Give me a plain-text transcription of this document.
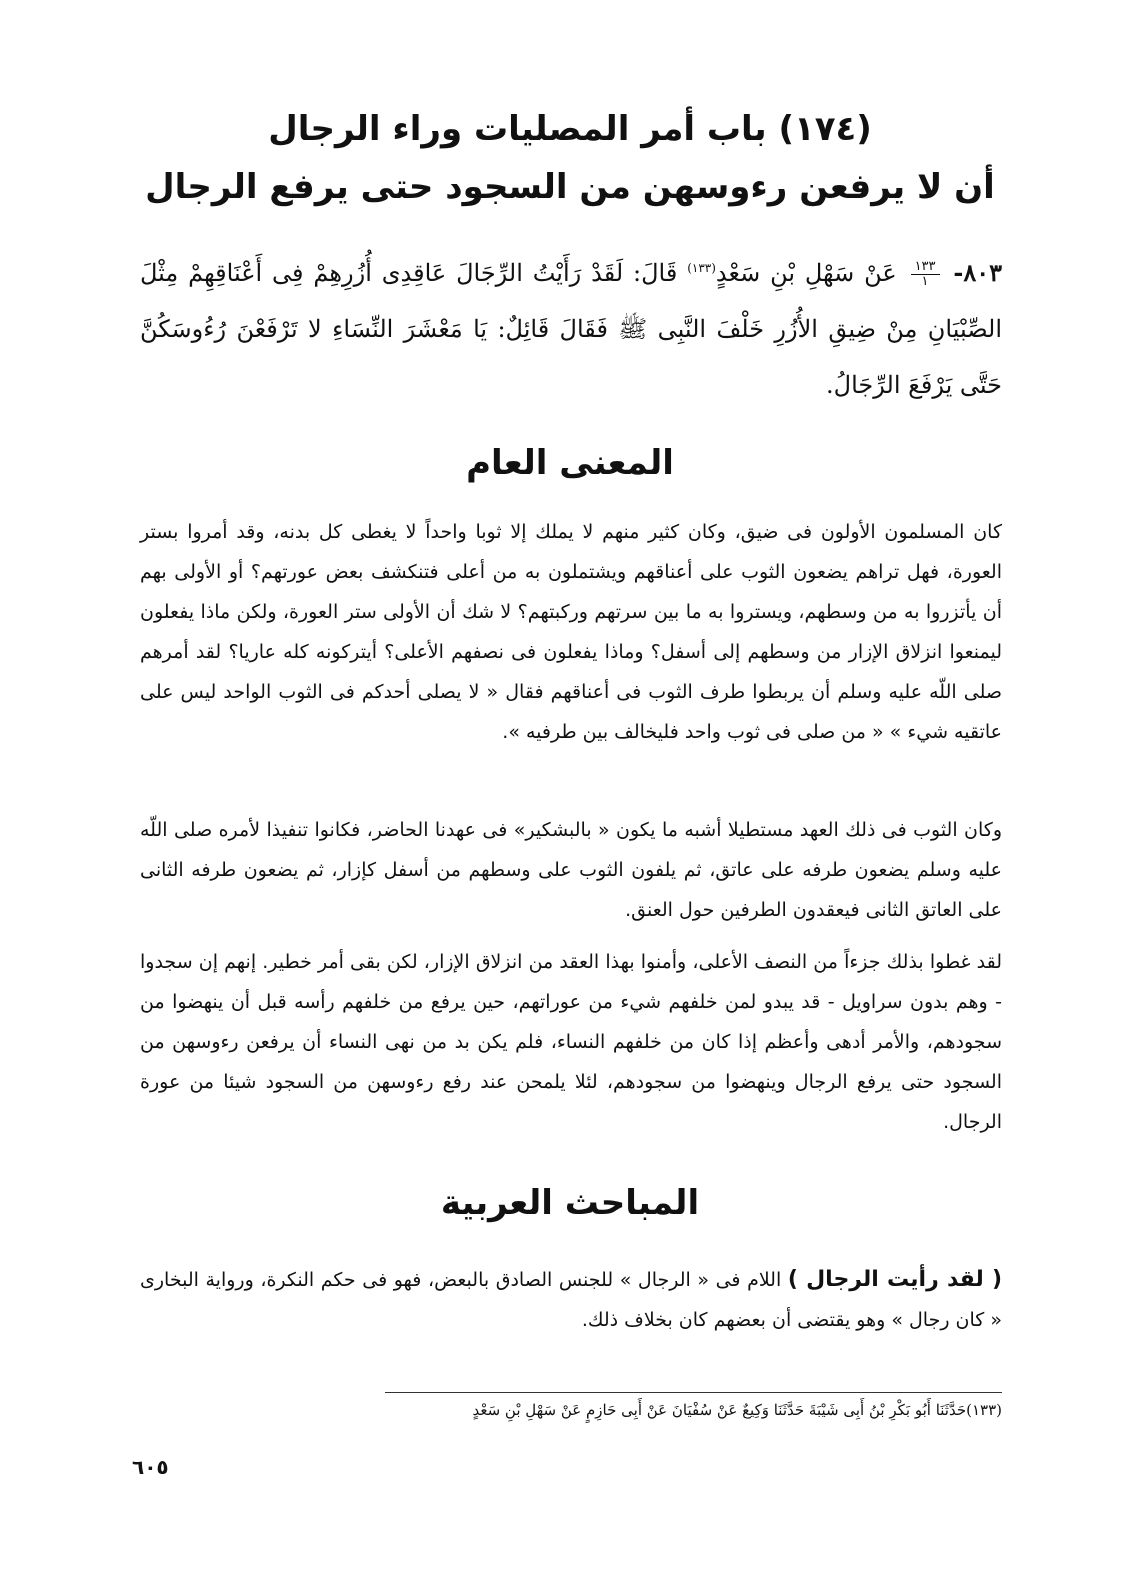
(١٧٤) باب أمر المصليات وراء الرجال
أن لا يرفعن رءوسهن من السجود حتى يرفع الرجال
٨٠٣-
$\frac{١٣٣}{١}$
عَنْ سَهْلِ بْنِ سَعْدٍ$^{(١٣٣)}$ قَالَ: لَقَدْ رَأَيْتُ الرِّجَالَ عَاقِدِى أُزُرِهِمْ فِى أَعْنَاقِهِمْ مِثْلَ الصِّبْيَانِ مِنْ ضِيقِ الأُزُرِ خَلْفَ النَّبِى ﷺ فَقَالَ قَائِلٌ: يَا مَعْشَرَ النِّسَاءِ لا تَرْفَعْنَ رُءُوسَكُنَّ حَتَّى يَرْفَعَ الرِّجَالُ.
المعنى العام
كان المسلمون الأولون فى ضيق، وكان كثير منهم لا يملك إلا ثوبا واحداً لا يغطى كل بدنه، وقد أمروا بستر العورة، فهل تراهم يضعون الثوب على أعناقهم ويشتملون به من أعلى فتنكشف بعض عورتهم؟ أو الأولى بهم أن يأتزروا به من وسطهم، ويستروا به ما بين سرتهم وركبتهم؟ لا شك أن الأولى ستر العورة، ولكن ماذا يفعلون ليمنعوا انزلاق الإزار من وسطهم إلى أسفل؟ وماذا يفعلون فى نصفهم الأعلى؟ أيتركونه كله عاريا؟ لقد أمرهم صلى اللّه عليه وسلم أن يربطوا طرف الثوب فى أعناقهم فقال « لا يصلى أحدكم فى الثوب الواحد ليس على عاتقيه شيء » « من صلى فى ثوب واحد فليخالف بين طرفيه ».
وكان الثوب فى ذلك العهد مستطيلا أشبه ما يكون « بالبشكير» فى عهدنا الحاضر، فكانوا تنفيذا لأمره صلى اللّه عليه وسلم يضعون طرفه على عاتق، ثم يلفون الثوب على وسطهم من أسفل كإزار، ثم يضعون طرفه الثانى على العاتق الثانى فيعقدون الطرفين حول العنق.
لقد غطوا بذلك جزءاً من النصف الأعلى، وأمنوا بهذا العقد من انزلاق الإزار، لكن بقى أمر خطير. إنهم إن سجدوا - وهم بدون سراويل - قد يبدو لمن خلفهم شيء من عوراتهم، حين يرفع من خلفهم رأسه قبل أن ينهضوا من سجودهم، والأمر أدهى وأعظم إذا كان من خلفهم النساء، فلم يكن بد من نهى النساء أن يرفعن رءوسهن من السجود حتى يرفع الرجال وينهضوا من سجودهم، لئلا يلمحن عند رفع رءوسهن من السجود شيئا من عورة الرجال.
المباحث العربية
( لقد رأيت الرجال ) اللام فى « الرجال » للجنس الصادق بالبعض، فهو فى حكم النكرة، ورواية البخارى « كان رجال » وهو يقتضى أن بعضهم كان بخلاف ذلك.
(١٣٣)حَدَّثَنَا أَبُو بَكْرِ بْنُ أَبِى شَيْبَةَ حَدَّثَنَا وَكِيعٌ عَنْ سُفْيَانَ عَنْ أَبِى حَازِمٍ عَنْ سَهْلِ بْنِ سَعْدٍ
٦٠٥
